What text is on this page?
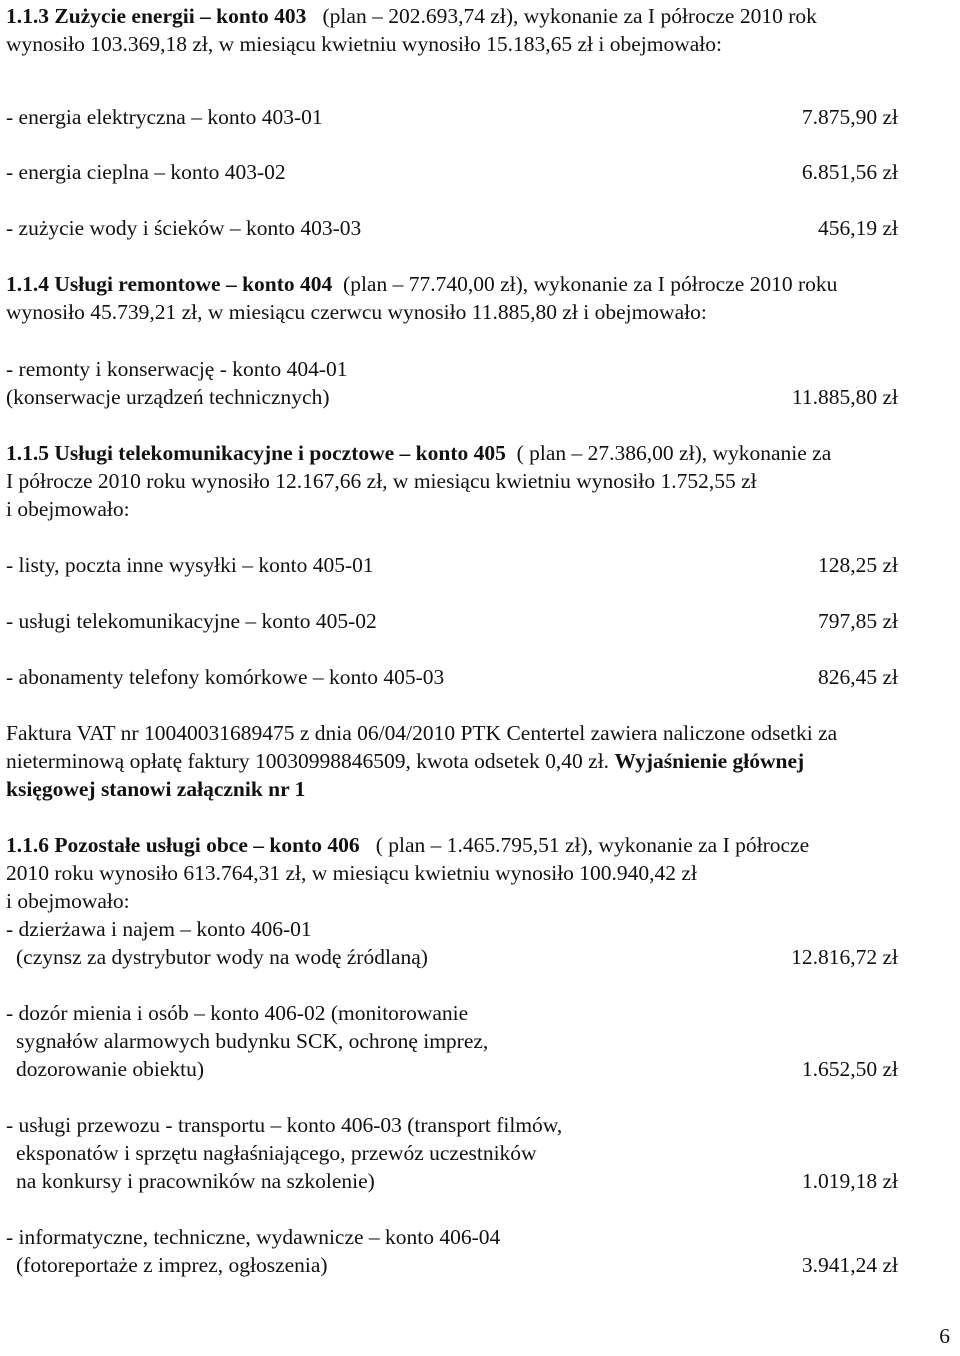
1.1.3 Zużycie energii – konto 403 (plan – 202.693,74 zł), wykonanie za I półrocze 2010 rok
wynosiło 103.369,18 zł, w miesiącu kwietniu wynosiło 15.183,65 zł i obejmowało:
- energia elektryczna – konto 403-01	7.875,90 zł
- energia cieplna – konto 403-02	6.851,56 zł
- zużycie wody i ścieków – konto 403-03	456,19 zł
1.1.4 Usługi remontowe – konto 404 (plan – 77.740,00 zł), wykonanie za I półrocze 2010 roku
wynosiło 45.739,21 zł, w miesiącu czerwcu wynosiło 11.885,80 zł i obejmowało:
- remonty i konserwację - konto 404-01
(konserwacje urządzeń technicznych)	11.885,80 zł
1.1.5 Usługi telekomunikacyjne i pocztowe – konto 405 ( plan – 27.386,00 zł), wykonanie za
I półrocze 2010 roku wynosiło 12.167,66 zł, w miesiącu kwietniu wynosiło 1.752,55 zł
i obejmowało:
- listy, poczta inne wysyłki – konto 405-01	128,25 zł
- usługi telekomunikacyjne – konto 405-02	797,85 zł
- abonamenty telefony komórkowe – konto 405-03	826,45 zł
Faktura VAT nr 10040031689475 z dnia 06/04/2010 PTK Centertel zawiera naliczone odsetki za
nieterminową opłatę faktury 10030998846509, kwota odsetek 0,40 zł. Wyjaśnienie głównej
księgowej stanowi załącznik nr 1
1.1.6 Pozostałe usługi obce – konto 406 ( plan – 1.465.795,51 zł), wykonanie za I półrocze
2010 roku wynosiło 613.764,31 zł, w miesiącu kwietniu wynosiło 100.940,42 zł
i obejmowało:
- dzierżawa i najem – konto 406-01
(czynsz za dystrybutor wody na wodę źródlaną)	12.816,72 zł
- dozór mienia i osób – konto 406-02 (monitorowanie
sygnałów alarmowych budynku SCK, ochronę imprez,
dozorowanie obiektu)	1.652,50 zł
- usługi przewozu - transportu – konto 406-03 (transport filmów,
eksponatów i sprzętu nagłaśniającego, przewóz uczestników
na konkursy i pracowników na szkolenie)	1.019,18 zł
- informatyczne, techniczne, wydawnicze – konto 406-04
(fotoreportaże z imprez, ogłoszenia)	3.941,24 zł
6
